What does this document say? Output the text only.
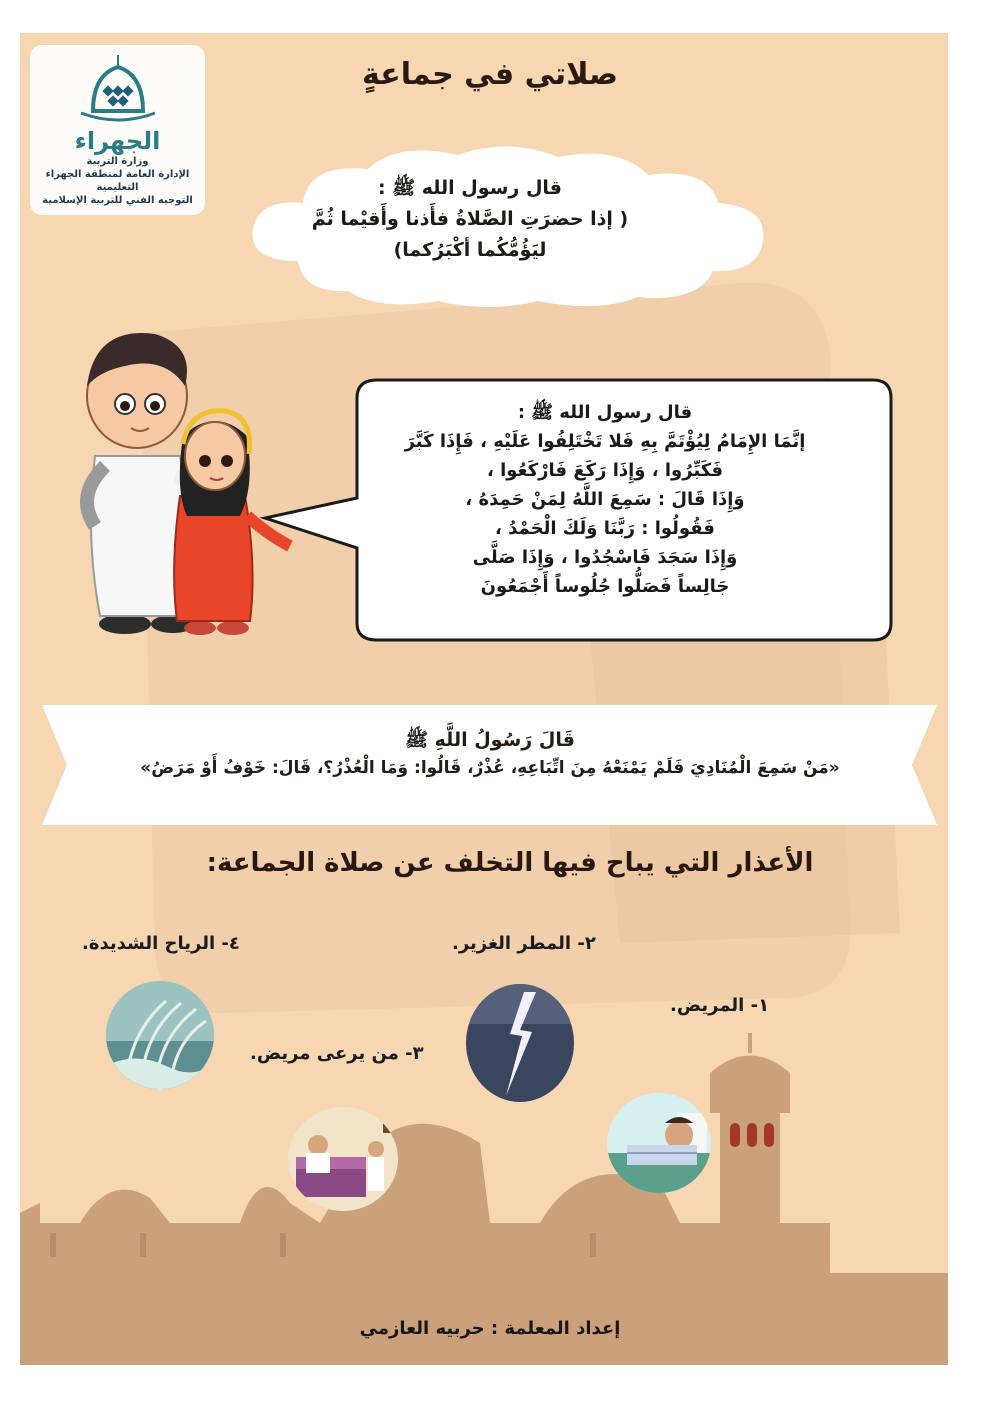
الجهراء
وزارة التربية
الإدارة العامة لمنطقة الجهراء التعليمية
التوجيه الفني للتربية الإسلامية
صلاتي في جماعةٍ
قال رسول الله ﷺ :
( إذا حضرَتِ الصَّلاةُ فأَذنا وأَقيْما ثُمَّ
ليَؤُمُّكُما أكْبَرُكما)
قال رسول الله ﷺ :
إنَّمَا الإِمَامُ لِيُؤْتَمَّ بِهِ فَلا تَخْتَلِفُوا عَلَيْهِ ، فَإِذَا كَبَّرَ
فَكَبِّرُوا ، وَإِذَا رَكَعَ فَارْكَعُوا ،
وَإِذَا قَالَ : سَمِعَ اللَّهُ لِمَنْ حَمِدَهُ ،
فَقُولُوا : رَبَّنَا وَلَكَ الْحَمْدُ ،
وَإِذَا سَجَدَ فَاسْجُدُوا ، وَإِذَا صَلَّى
جَالِساً فَصَلُّوا جُلُوساً أَجْمَعُونَ
قَالَ رَسُولُ اللَّهِ ﷺ
«مَنْ سَمِعَ الْمُنَادِيَ فَلَمْ يَمْنَعْهُ مِنَ اتِّبَاعِهِ، عُذْرٌ، قَالُوا: وَمَا الْعُذْرُ؟، قَالَ: خَوْفُ أَوْ مَرَضُ»
الأعذار التي يباح فيها التخلف عن صلاة الجماعة:
١- المريض.
٢- المطر الغزير.
٣- من يرعى مريض.
٤- الرياح الشديدة.
إعداد المعلمة : حربيه العازمي
